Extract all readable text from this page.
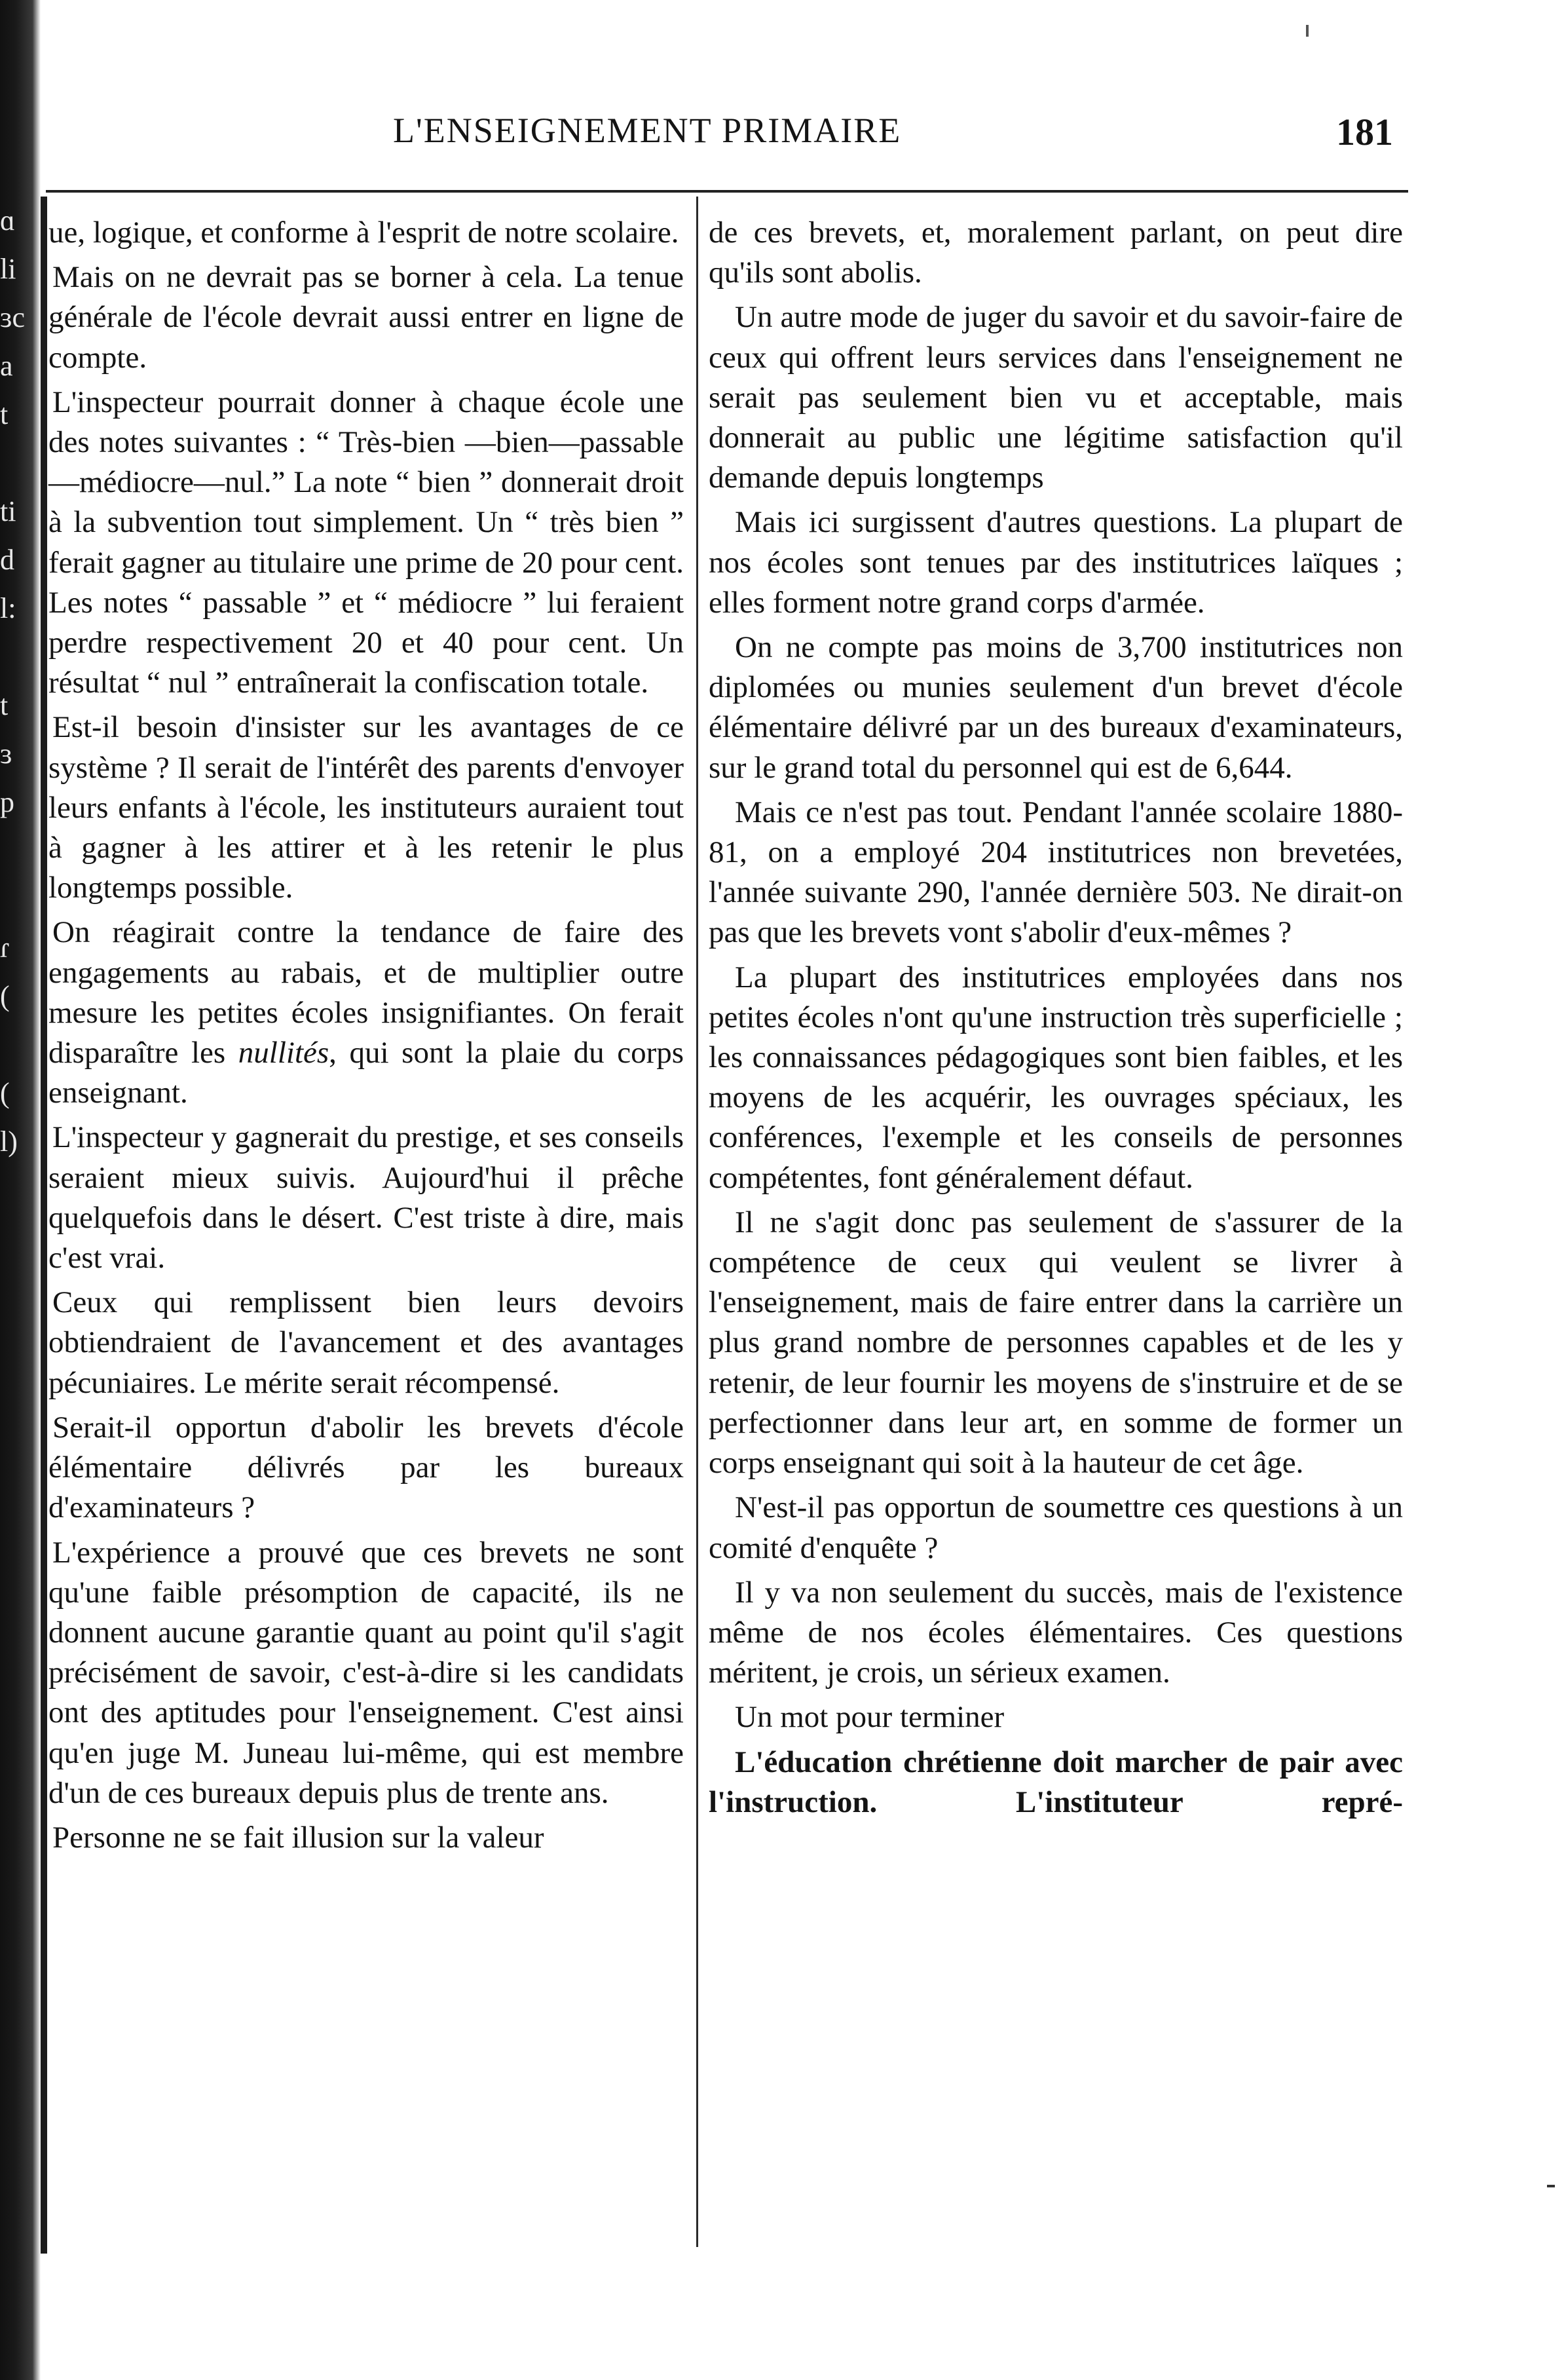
ɑ
li
ɜc
a
t
ti
d
l:
t
ɜ
p
ɾ
(
(
l)
L'ENSEIGNEMENT PRIMAIRE	181

ue, logique, et conforme à l'esprit de notre scolaire.

Mais on ne devrait pas se borner à cela. La tenue générale de l'école devrait aussi entrer en ligne de compte.

L'inspecteur pourrait donner à chaque école une des notes suivantes : “ Très-bien —bien—passable—médiocre—nul.” La note “ bien ” donnerait droit à la subvention tout simplement. Un “ très bien ” ferait gagner au titulaire une prime de 20 pour cent. Les notes “ passable ” et “ médiocre ” lui feraient perdre respectivement 20 et 40 pour cent. Un résultat “ nul ” entraînerait la confiscation totale.

Est-il besoin d'insister sur les avantages de ce système ? Il serait de l'intérêt des parents d'envoyer leurs enfants à l'école, les instituteurs auraient tout à gagner à les attirer et à les retenir le plus longtemps possible.

On réagirait contre la tendance de faire des engagements au rabais, et de multiplier outre mesure les petites écoles insignifiantes. On ferait disparaître les nullités, qui sont la plaie du corps enseignant.

L'inspecteur y gagnerait du prestige, et ses conseils seraient mieux suivis. Aujourd'hui il prêche quelquefois dans le désert. C'est triste à dire, mais c'est vrai.

Ceux qui remplissent bien leurs devoirs obtiendraient de l'avancement et des avantages pécuniaires. Le mérite serait récompensé.

Serait-il opportun d'abolir les brevets d'école élémentaire délivrés par les bureaux d'examinateurs ?

L'expérience a prouvé que ces brevets ne sont qu'une faible présomption de capacité, ils ne donnent aucune garantie quant au point qu'il s'agit précisément de savoir, c'est-à-dire si les candidats ont des aptitudes pour l'enseignement. C'est ainsi qu'en juge M. Juneau lui-même, qui est membre d'un de ces bureaux depuis plus de trente ans.

Personne ne se fait illusion sur la valeur

de ces brevets, et, moralement parlant, on peut dire qu'ils sont abolis.

Un autre mode de juger du savoir et du savoir-faire de ceux qui offrent leurs services dans l'enseignement ne serait pas seulement bien vu et acceptable, mais donnerait au public une légitime satisfaction qu'il demande depuis longtemps

Mais ici surgissent d'autres questions. La plupart de nos écoles sont tenues par des institutrices laïques ; elles forment notre grand corps d'armée.

On ne compte pas moins de 3,700 institutrices non diplomées ou munies seulement d'un brevet d'école élémentaire délivré par un des bureaux d'examinateurs, sur le grand total du personnel qui est de 6,644.

Mais ce n'est pas tout. Pendant l'année scolaire 1880-81, on a employé 204 institutrices non brevetées, l'année suivante 290, l'année dernière 503. Ne dirait-on pas que les brevets vont s'abolir d'eux-mêmes ?

La plupart des institutrices employées dans nos petites écoles n'ont qu'une instruction très superficielle ; les connaissances pédagogiques sont bien faibles, et les moyens de les acquérir, les ouvrages spéciaux, les conférences, l'exemple et les conseils de personnes compétentes, font généralement défaut.

Il ne s'agit donc pas seulement de s'assurer de la compétence de ceux qui veulent se livrer à l'enseignement, mais de faire entrer dans la carrière un plus grand nombre de personnes capables et de les y retenir, de leur fournir les moyens de s'instruire et de se perfectionner dans leur art, en somme de former un corps enseignant qui soit à la hauteur de cet âge.

N'est-il pas opportun de soumettre ces questions à un comité d'enquête ?

Il y va non seulement du succès, mais de l'existence même de nos écoles élémentaires. Ces questions méritent, je crois, un sérieux examen.

Un mot pour terminer

L'éducation chrétienne doit marcher de pair avec l'instruction. L'instituteur repré-
